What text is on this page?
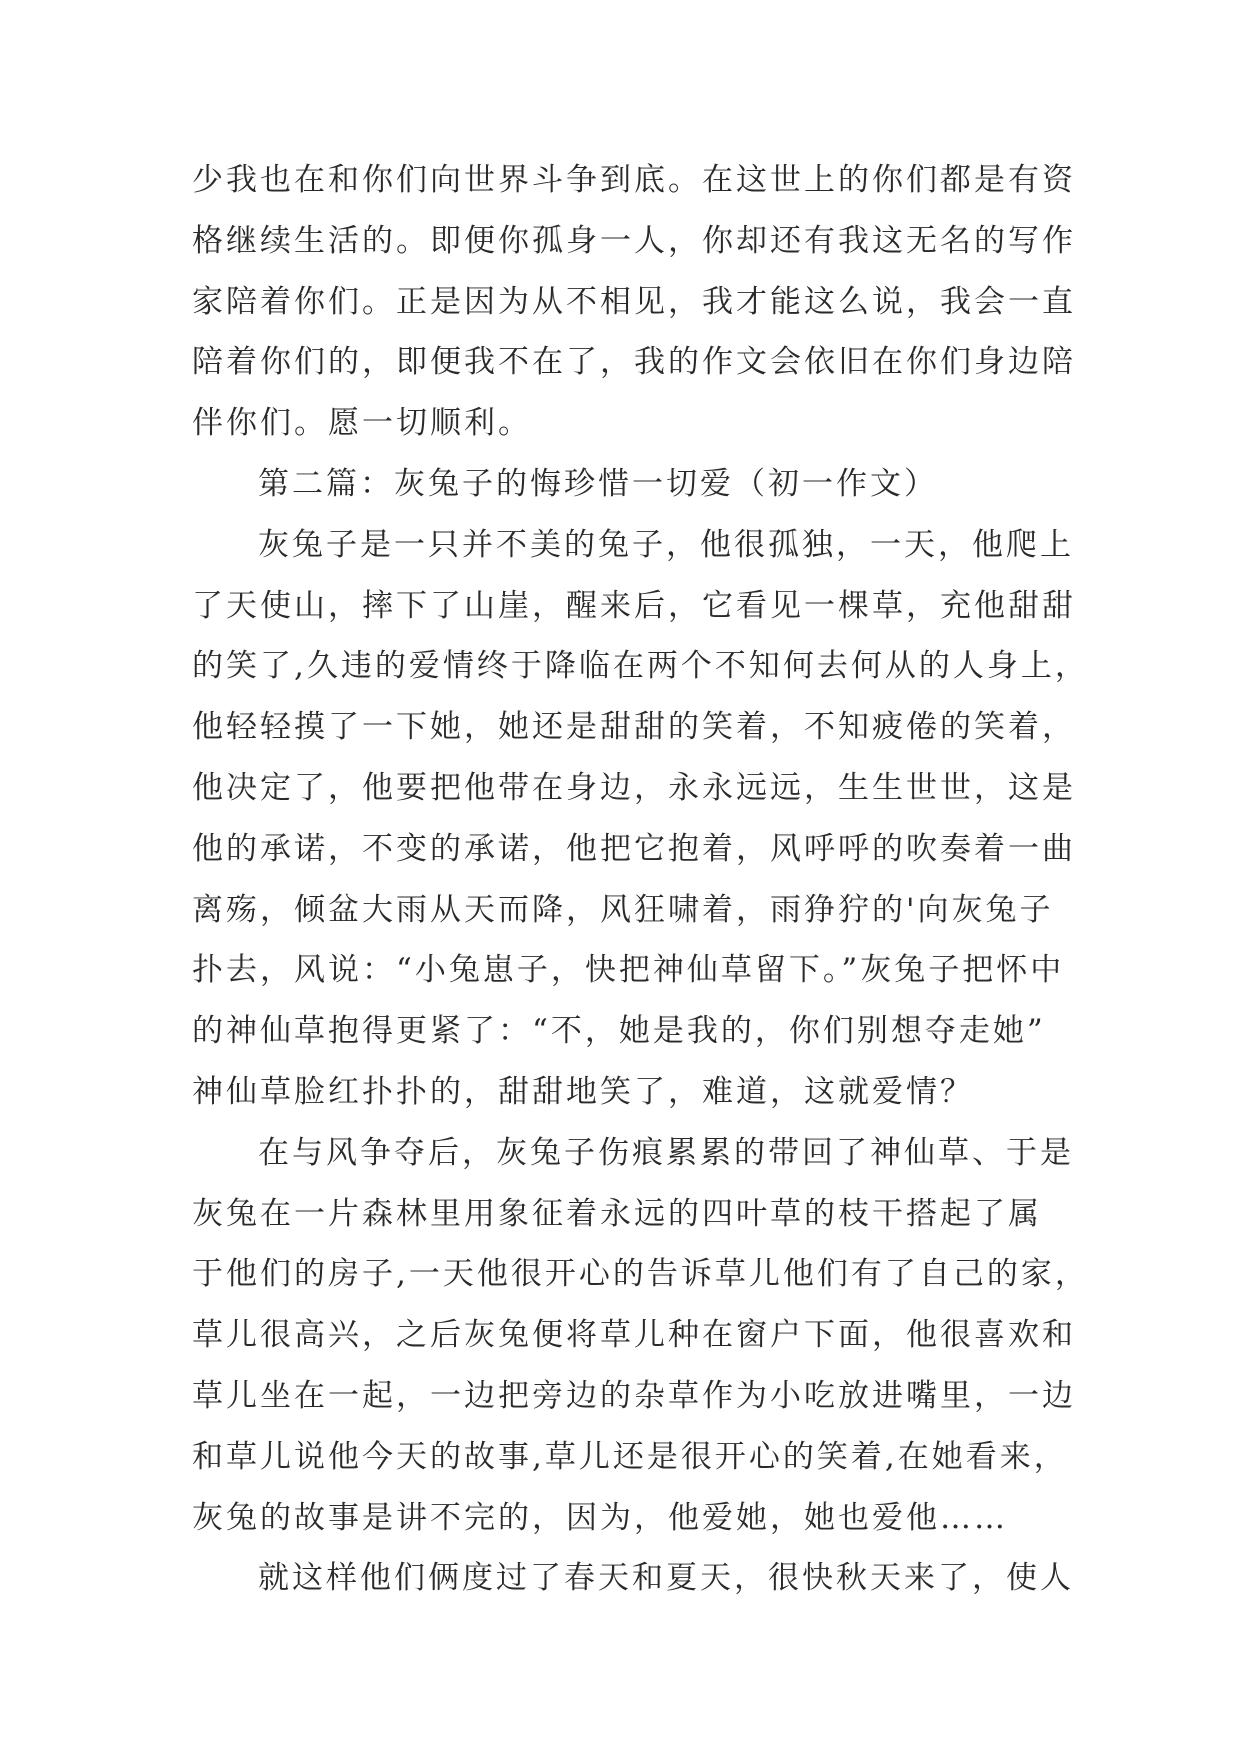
少我也在和你们向世界斗争到底。在这世上的你们都是有资
格继续生活的。即便你孤身一人，你却还有我这无名的写作
家陪着你们。正是因为从不相见，我才能这么说，我会一直
陪着你们的，即便我不在了，我的作文会依旧在你们身边陪
伴你们。愿一切顺利。
第二篇：灰兔子的悔珍惜一切爱（初一作文）
灰兔子是一只并不美的兔子，他很孤独，一天，他爬上
了天使山，摔下了山崖，醒来后，它看见一棵草，充他甜甜
的笑了,久违的爱情终于降临在两个不知何去何从的人身上，
他轻轻摸了一下她，她还是甜甜的笑着，不知疲倦的笑着，
他决定了，他要把他带在身边，永永远远，生生世世，这是
他的承诺，不变的承诺，他把它抱着，风呼呼的吹奏着一曲
离殇，倾盆大雨从天而降，风狂啸着，雨狰狞的'向灰兔子
扑去，风说：“小兔崽子，快把神仙草留下。”灰兔子把怀中
的神仙草抱得更紧了：“不，她是我的，你们别想夺走她”
神仙草脸红扑扑的，甜甜地笑了，难道，这就爱情？
在与风争夺后，灰兔子伤痕累累的带回了神仙草、于是
灰兔在一片森林里用象征着永远的四叶草的枝干搭起了属
于他们的房子,一天他很开心的告诉草儿他们有了自己的家，
草儿很高兴，之后灰兔便将草儿种在窗户下面，他很喜欢和
草儿坐在一起，一边把旁边的杂草作为小吃放进嘴里，一边
和草儿说他今天的故事,草儿还是很开心的笑着,在她看来，
灰兔的故事是讲不完的，因为，他爱她，她也爱他……
就这样他们俩度过了春天和夏天，很快秋天来了，使人
